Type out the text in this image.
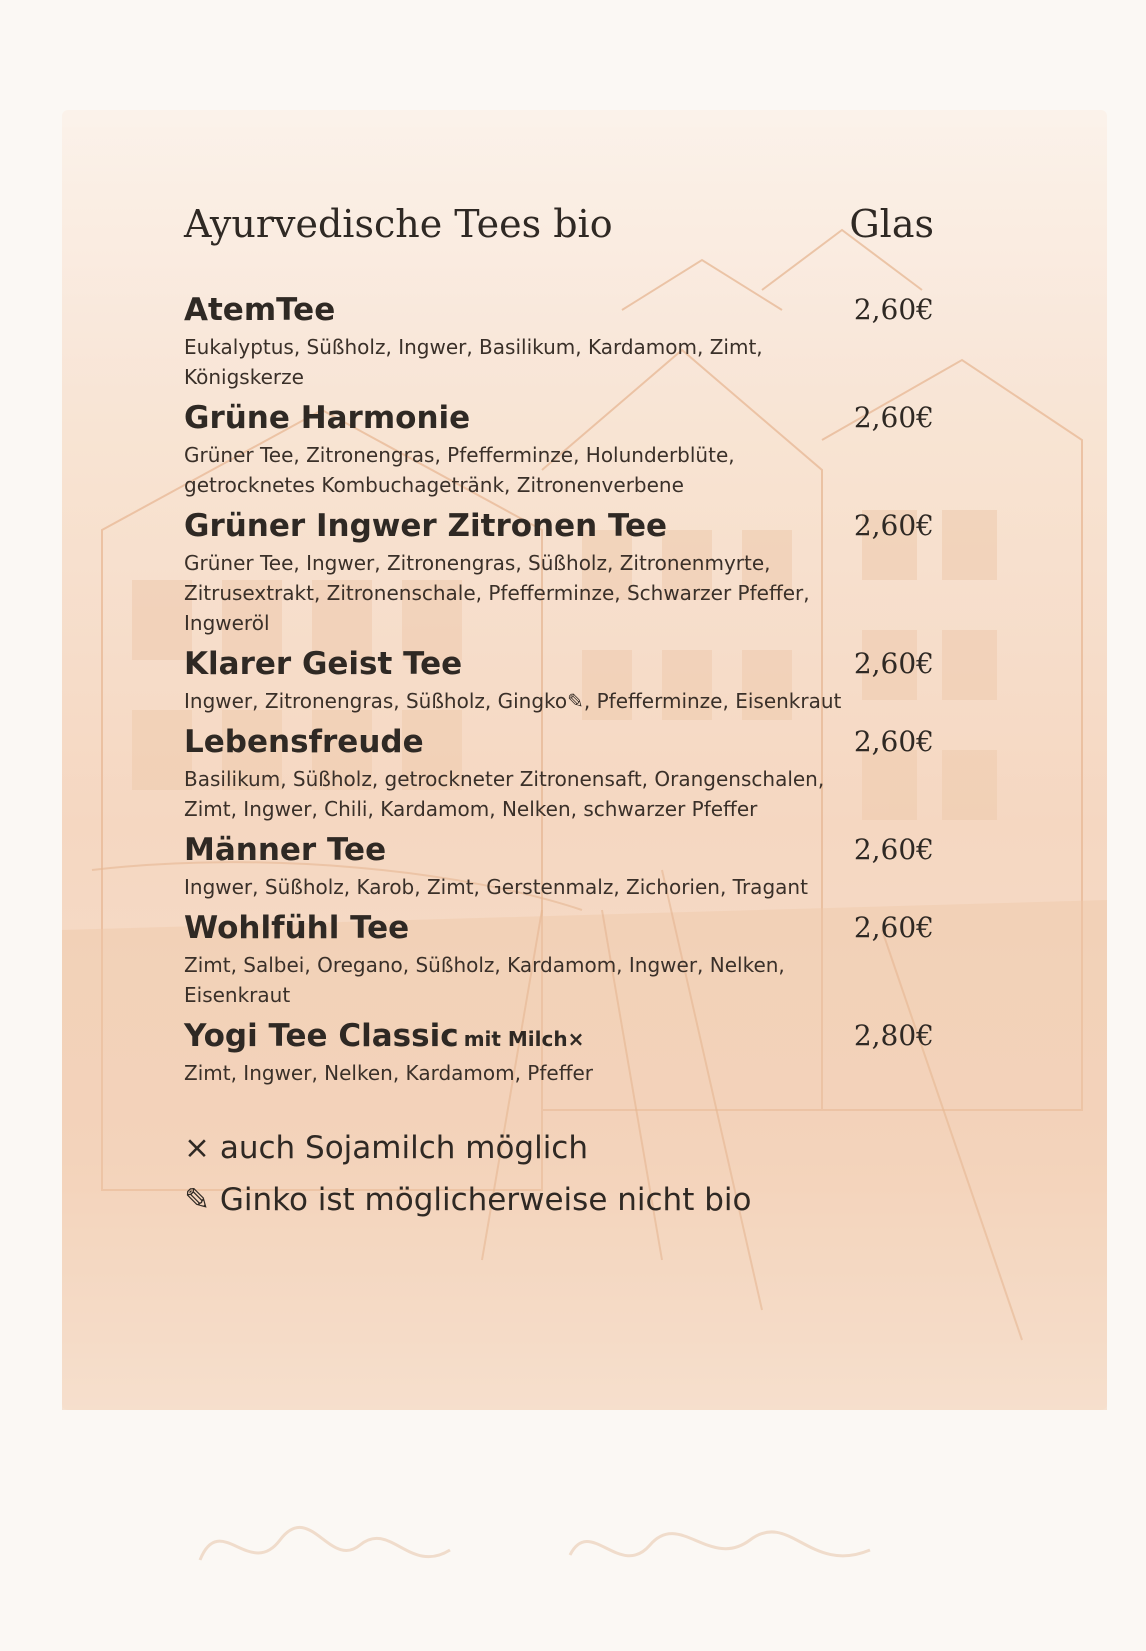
Ayurvedische Tees bio	Glas
AtemTee	2,60€
Eukalyptus, Süßholz, Ingwer, Basilikum, Kardamom, Zimt, Königskerze
Grüne Harmonie	2,60€
Grüner Tee, Zitronengras, Pfefferminze, Holunderblüte, getrocknetes Kombuchagetränk, Zitronenverbene
Grüner Ingwer Zitronen Tee	2,60€
Grüner Tee, Ingwer, Zitronengras, Süßholz, Zitronenmyrte, Zitrusextrakt, Zitronenschale, Pfefferminze, Schwarzer Pfeffer, Ingweröl
Klarer Geist Tee	2,60€
Ingwer, Zitronengras, Süßholz, Gingko✎, Pfefferminze, Eisenkraut
Lebensfreude	2,60€
Basilikum, Süßholz, getrockneter Zitronensaft, Orangenschalen, Zimt, Ingwer, Chili, Kardamom, Nelken, schwarzer Pfeffer
Männer Tee	2,60€
Ingwer, Süßholz, Karob, Zimt, Gerstenmalz, Zichorien, Tragant
Wohlfühl Tee	2,60€
Zimt, Salbei, Oregano, Süßholz, Kardamom, Ingwer, Nelken, Eisenkraut
Yogi Tee Classic mit Milch×	2,80€
Zimt, Ingwer, Nelken, Kardamom, Pfeffer
× auch Sojamilch möglich
✎ Ginko ist möglicherweise nicht bio
